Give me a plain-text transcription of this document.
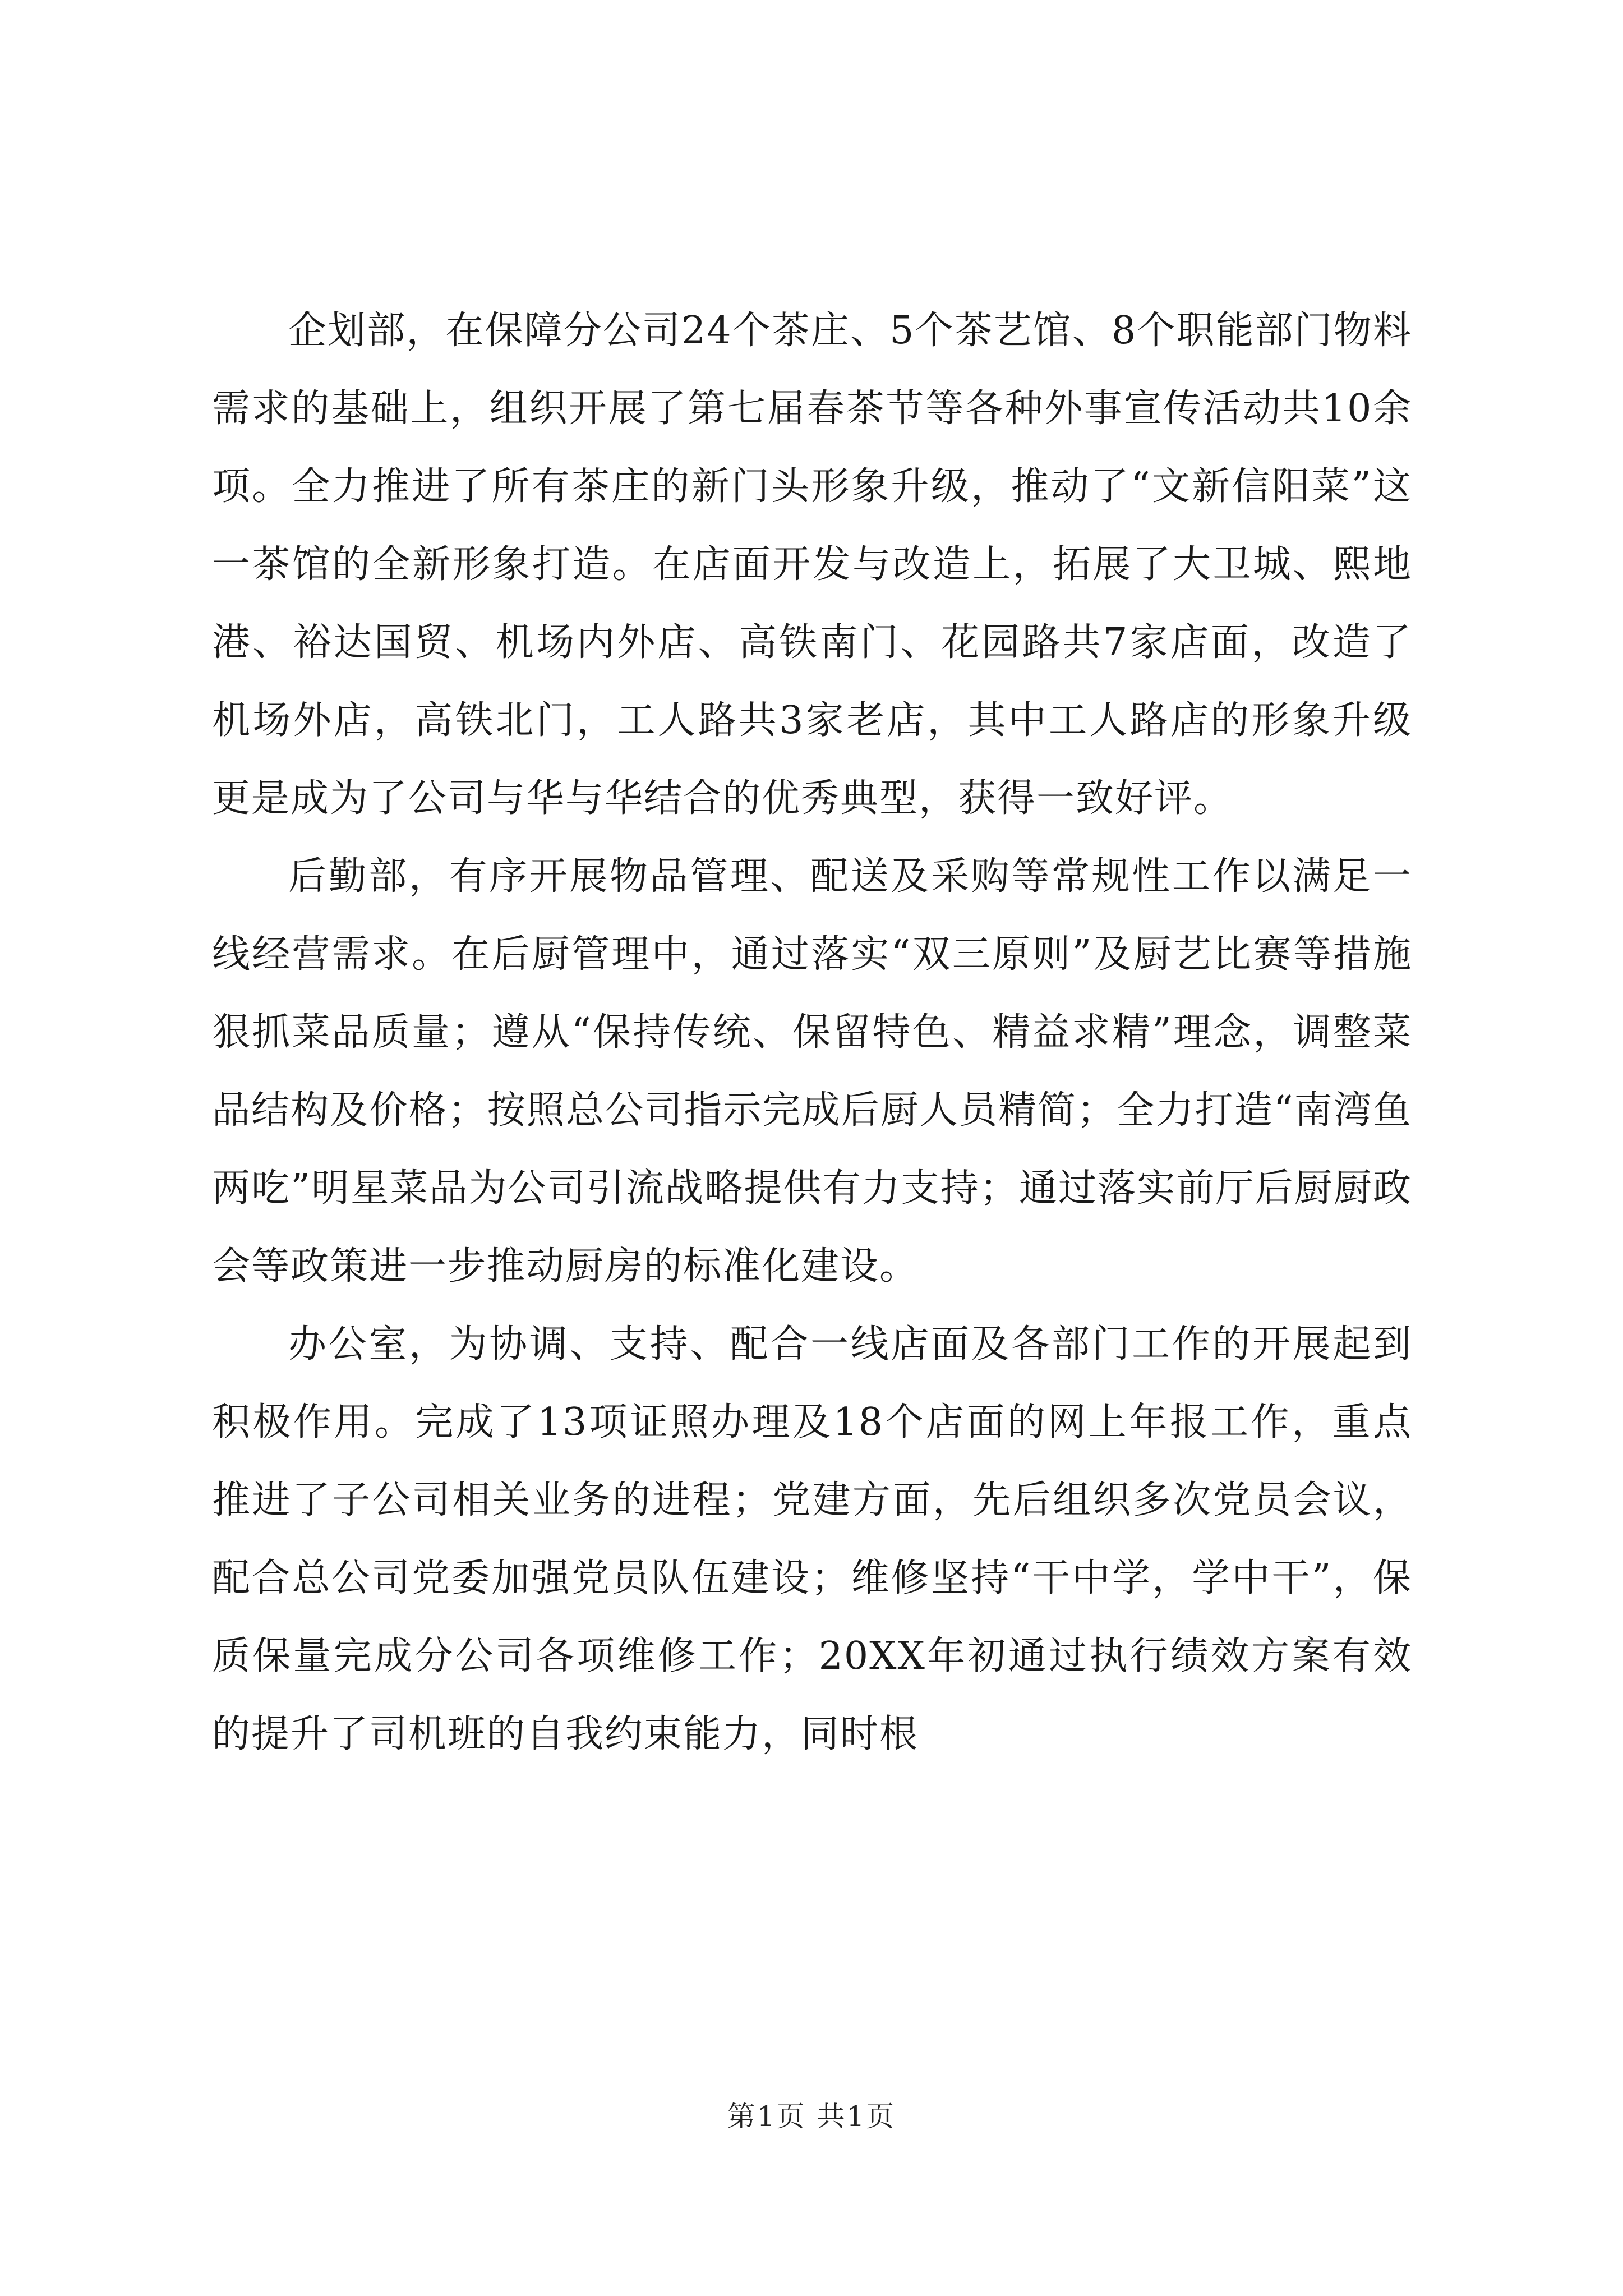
企划部，在保障分公司24个茶庄、5个茶艺馆、8个职能部门物料需求的基础上，组织开展了第七届春茶节等各种外事宣传活动共10余项。全力推进了所有茶庄的新门头形象升级，推动了“文新信阳菜”这一茶馆的全新形象打造。在店面开发与改造上，拓展了大卫城、熙地港、裕达国贸、机场内外店、高铁南门、花园路共7家店面，改造了机场外店，高铁北门，工人路共3家老店，其中工人路店的形象升级更是成为了公司与华与华结合的优秀典型，获得一致好评。

后勤部，有序开展物品管理、配送及采购等常规性工作以满足一线经营需求。在后厨管理中，通过落实“双三原则”及厨艺比赛等措施狠抓菜品质量；遵从“保持传统、保留特色、精益求精”理念，调整菜品结构及价格；按照总公司指示完成后厨人员精简；全力打造“南湾鱼两吃”明星菜品为公司引流战略提供有力支持；通过落实前厅后厨厨政会等政策进一步推动厨房的标准化建设。

办公室，为协调、支持、配合一线店面及各部门工作的开展起到积极作用。完成了13项证照办理及18个店面的网上年报工作，重点推进了子公司相关业务的进程；党建方面，先后组织多次党员会议，配合总公司党委加强党员队伍建设；维修坚持“干中学，学中干”，保质保量完成分公司各项维修工作；20XX年初通过执行绩效方案有效的提升了司机班的自我约束能力，同时根

第1页 共1页
